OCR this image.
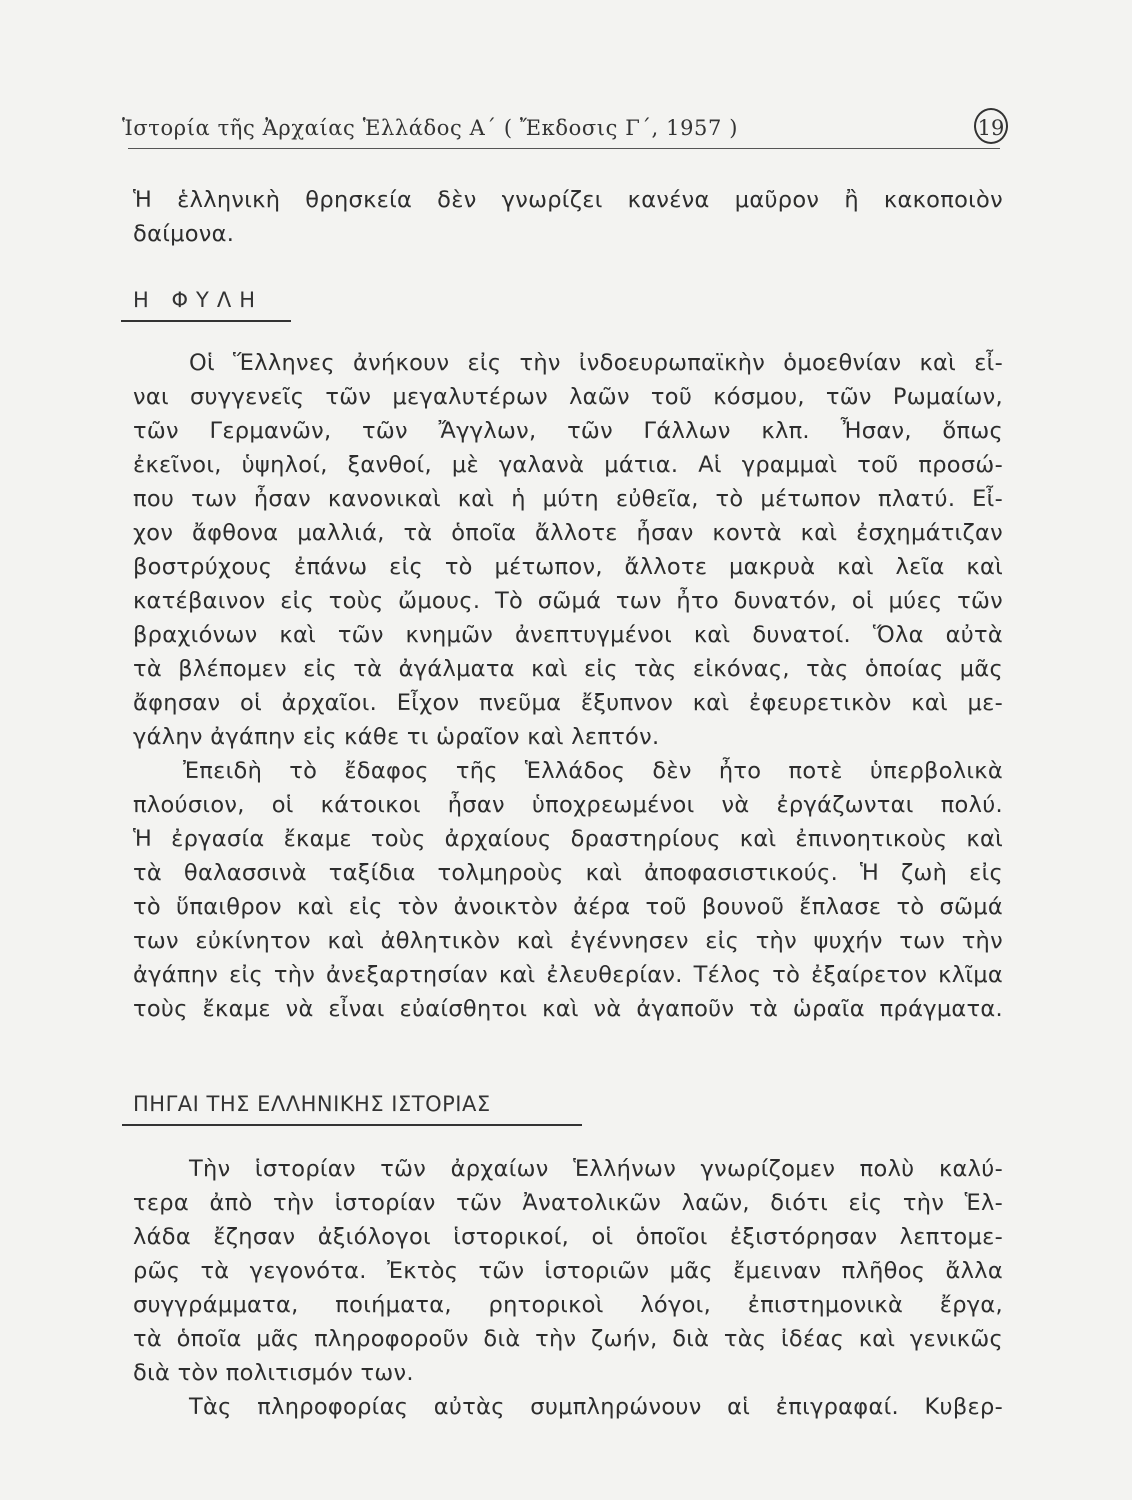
Ἱστορία τῆς Ἀρχαίας Ἑλλάδος Α΄ ( Ἔκδοσις Γ΄, 1957 )	19
Ἡ ἑλληνικὴ θρησκεία δὲν γνωρίζει κανένα μαῦρον ἢ κακοποιὸν
δαίμονα.
Η ΦΥΛΗ
Οἱ Ἕλληνες ἀνήκουν εἰς τὴν ἰνδοευρωπαϊκὴν ὁμοεθνίαν καὶ εἶ-
ναι συγγενεῖς τῶν μεγαλυτέρων λαῶν τοῦ κόσμου, τῶν Ρωμαίων,
τῶν Γερμανῶν, τῶν Ἄγγλων, τῶν Γάλλων κλπ. Ἦσαν, ὅπως
ἐκεῖνοι, ὑψηλοί, ξανθοί, μὲ γαλανὰ μάτια. Αἱ γραμμαὶ τοῦ προσώ-
που των ἦσαν κανονικαὶ καὶ ἡ μύτη εὐθεῖα, τὸ μέτωπον πλατύ. Εἶ-
χον ἄφθονα μαλλιά, τὰ ὁποῖα ἄλλοτε ἦσαν κοντὰ καὶ ἐσχημάτιζαν
βοστρύχους ἐπάνω εἰς τὸ μέτωπον, ἄλλοτε μακρυὰ καὶ λεῖα καὶ
κατέβαινον εἰς τοὺς ὤμους. Τὸ σῶμά των ἦτο δυνατόν, οἱ μύες τῶν
βραχιόνων καὶ τῶν κνημῶν ἀνεπτυγμένοι καὶ δυνατοί. Ὅλα αὐτὰ
τὰ βλέπομεν εἰς τὰ ἀγάλματα καὶ εἰς τὰς εἰκόνας, τὰς ὁποίας μᾶς
ἄφησαν οἱ ἀρχαῖοι. Εἶχον πνεῦμα ἔξυπνον καὶ ἐφευρετικὸν καὶ με-
γάλην ἀγάπην εἰς κάθε τι ὡραῖον καὶ λεπτόν.
Ἐπειδὴ τὸ ἔδαφος τῆς Ἑλλάδος δὲν ἦτο ποτὲ ὑπερβολικὰ
πλούσιον, οἱ κάτοικοι ἦσαν ὑποχρεωμένοι νὰ ἐργάζωνται πολύ.
Ἡ ἐργασία ἔκαμε τοὺς ἀρχαίους δραστηρίους καὶ ἐπινοητικοὺς καὶ
τὰ θαλασσινὰ ταξίδια τολμηροὺς καὶ ἀποφασιστικούς. Ἡ ζωὴ εἰς
τὸ ὕπαιθρον καὶ εἰς τὸν ἀνοικτὸν ἀέρα τοῦ βουνοῦ ἔπλασε τὸ σῶμά
των εὐκίνητον καὶ ἀθλητικὸν καὶ ἐγέννησεν εἰς τὴν ψυχήν των τὴν
ἀγάπην εἰς τὴν ἀνεξαρτησίαν καὶ ἐλευθερίαν. Τέλος τὸ ἐξαίρετον κλῖμα
τοὺς ἔκαμε νὰ εἶναι εὐαίσθητοι καὶ νὰ ἀγαποῦν τὰ ὡραῖα πράγματα.
ΠΗΓΑΙ ΤΗΣ ΕΛΛΗΝΙΚΗΣ ΙΣΤΟΡΙΑΣ
Τὴν ἱστορίαν τῶν ἀρχαίων Ἑλλήνων γνωρίζομεν πολὺ καλύ-
τερα ἀπὸ τὴν ἱστορίαν τῶν Ἀνατολικῶν λαῶν, διότι εἰς τὴν Ἑλ-
λάδα ἔζησαν ἀξιόλογοι ἱστορικοί, οἱ ὁποῖοι ἐξιστόρησαν λεπτομε-
ρῶς τὰ γεγονότα. Ἐκτὸς τῶν ἱστοριῶν μᾶς ἔμειναν πλῆθος ἄλλα
συγγράμματα, ποιήματα, ρητορικοὶ λόγοι, ἐπιστημονικὰ ἔργα,
τὰ ὁποῖα μᾶς πληροφοροῦν διὰ τὴν ζωήν, διὰ τὰς ἰδέας καὶ γενικῶς
διὰ τὸν πολιτισμόν των.
Τὰς πληροφορίας αὐτὰς συμπληρώνουν αἱ ἐπιγραφαί. Κυβερ-
